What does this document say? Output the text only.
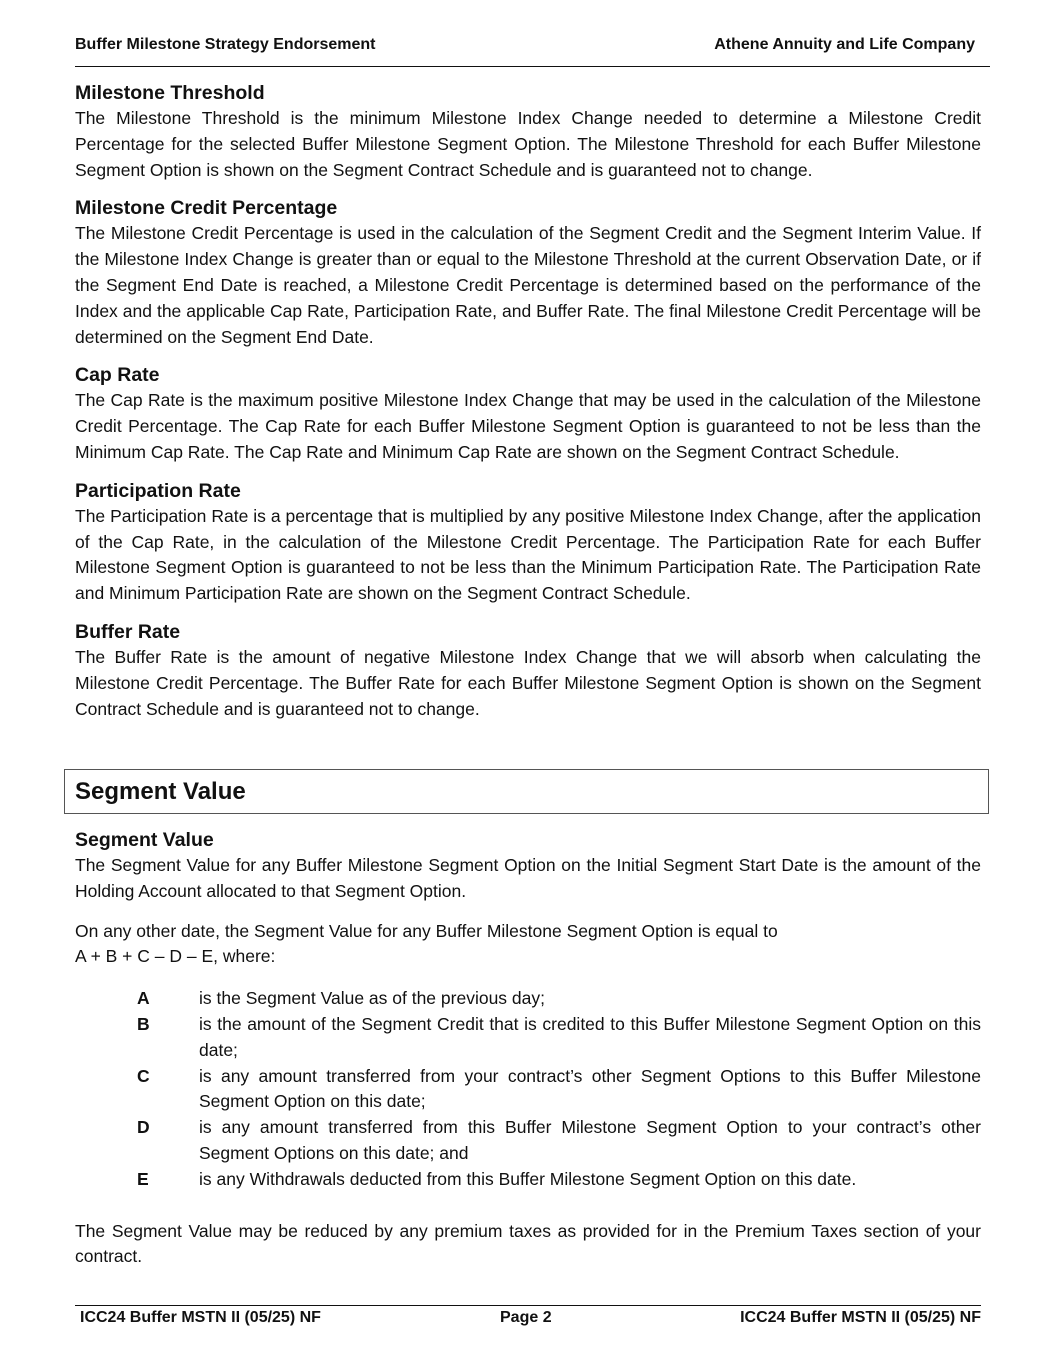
Buffer Milestone Strategy Endorsement	Athene Annuity and Life Company
Milestone Threshold

The Milestone Threshold is the minimum Milestone Index Change needed to determine a Milestone Credit Percentage for the selected Buffer Milestone Segment Option. The Milestone Threshold for each Buffer Milestone Segment Option is shown on the Segment Contract Schedule and is guaranteed not to change.

Milestone Credit Percentage

The Milestone Credit Percentage is used in the calculation of the Segment Credit and the Segment Interim Value. If the Milestone Index Change is greater than or equal to the Milestone Threshold at the current Observation Date, or if the Segment End Date is reached, a Milestone Credit Percentage is determined based on the performance of the Index and the applicable Cap Rate, Participation Rate, and Buffer Rate. The final Milestone Credit Percentage will be determined on the Segment End Date.

Cap Rate

The Cap Rate is the maximum positive Milestone Index Change that may be used in the calculation of the Milestone Credit Percentage. The Cap Rate for each Buffer Milestone Segment Option is guaranteed to not be less than the Minimum Cap Rate. The Cap Rate and Minimum Cap Rate are shown on the Segment Contract Schedule.

Participation Rate

The Participation Rate is a percentage that is multiplied by any positive Milestone Index Change, after the application of the Cap Rate, in the calculation of the Milestone Credit Percentage. The Participation Rate for each Buffer Milestone Segment Option is guaranteed to not be less than the Minimum Participation Rate. The Participation Rate and Minimum Participation Rate are shown on the Segment Contract Schedule.

Buffer Rate

The Buffer Rate is the amount of negative Milestone Index Change that we will absorb when calculating the Milestone Credit Percentage. The Buffer Rate for each Buffer Milestone Segment Option is shown on the Segment Contract Schedule and is guaranteed not to change.

Segment Value
Segment Value

The Segment Value for any Buffer Milestone Segment Option on the Initial Segment Start Date is the amount of the Holding Account allocated to that Segment Option.

On any other date, the Segment Value for any Buffer Milestone Segment Option is equal to

A + B + C – D – E, where:

A	is the Segment Value as of the previous day;
B	is the amount of the Segment Credit that is credited to this Buffer Milestone Segment Option on this date;
C	is any amount transferred from your contract’s other Segment Options to this Buffer Milestone Segment Option on this date;
D	is any amount transferred from this Buffer Milestone Segment Option to your contract’s other Segment Options on this date; and
E	is any Withdrawals deducted from this Buffer Milestone Segment Option on this date.

The Segment Value may be reduced by any premium taxes as provided for in the Premium Taxes section of your contract.

ICC24 Buffer MSTN II (05/25) NF	Page 2	ICC24 Buffer MSTN II (05/25) NF
